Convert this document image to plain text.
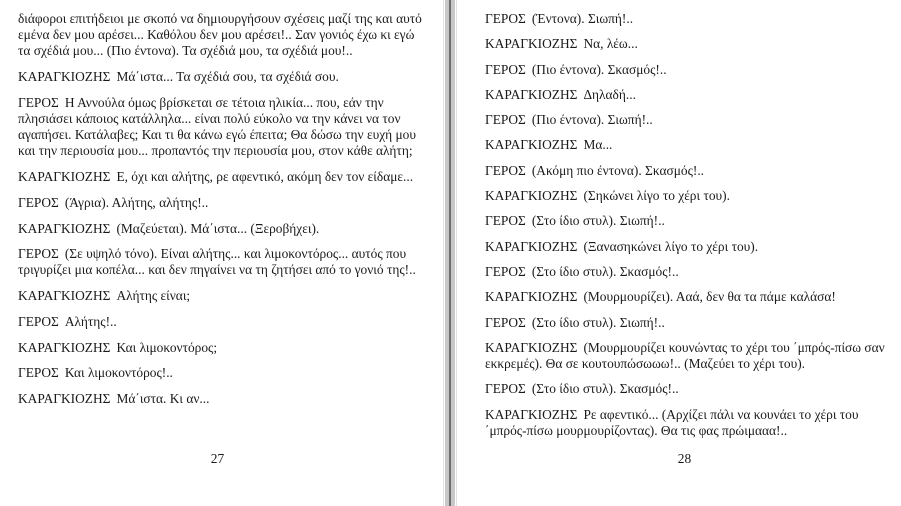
διάφοροι επιτήδειοι με σκοπό να δημιουργήσουν σχέσεις μαζί της και αυτό εμένα δεν μου αρέσει... Καθόλου δεν μου αρέσει!.. Σαν γονιός έχω κι εγώ τα σχέδιά μου... (Πιο έντονα). Τα σχέδιά μου, τα σχέδιά μου!..

ΚΑΡΑΓΚΙΟΖΗΣ Μά΄ιστα... Τα σχέδιά σου, τα σχέδιά σου.

ΓΕΡΟΣ Η Αννούλα όμως βρίσκεται σε τέτοια ηλικία... που, εάν την πλησιάσει κάποιος κατάλληλα... είναι πολύ εύκολο να την κάνει να τον αγαπήσει. Κατάλαβες; Και τι θα κάνω εγώ έπειτα; Θα δώσω την ευχή μου και την περιουσία μου... προπαντός την περιουσία μου, στον κάθε αλήτη;

ΚΑΡΑΓΚΙΟΖΗΣ Ε, όχι και αλήτης, ρε αφεντικό, ακόμη δεν τον είδαμε...

ΓΕΡΟΣ (Άγρια). Αλήτης, αλήτης!..

ΚΑΡΑΓΚΙΟΖΗΣ (Μαζεύεται). Μά΄ιστα... (Ξεροβήχει).

ΓΕΡΟΣ (Σε υψηλό τόνο). Είναι αλήτης... και λιμοκοντόρος... αυτός που τριγυρίζει μια κοπέλα... και δεν πηγαίνει να τη ζητήσει από το γονιό της!..

ΚΑΡΑΓΚΙΟΖΗΣ Αλήτης είναι;

ΓΕΡΟΣ Αλήτης!..

ΚΑΡΑΓΚΙΟΖΗΣ Και λιμοκοντόρος;

ΓΕΡΟΣ Και λιμοκοντόρος!..

ΚΑΡΑΓΚΙΟΖΗΣ Μά΄ιστα. Κι αν...

27

ΓΕΡΟΣ (Έντονα). Σιωπή!..

ΚΑΡΑΓΚΙΟΖΗΣ Να, λέω...

ΓΕΡΟΣ (Πιο έντονα). Σκασμός!..

ΚΑΡΑΓΚΙΟΖΗΣ Δηλαδή...

ΓΕΡΟΣ (Πιο έντονα). Σιωπή!..

ΚΑΡΑΓΚΙΟΖΗΣ Μα...

ΓΕΡΟΣ (Ακόμη πιο έντονα). Σκασμός!..

ΚΑΡΑΓΚΙΟΖΗΣ (Σηκώνει λίγο το χέρι του).

ΓΕΡΟΣ (Στο ίδιο στυλ). Σιωπή!..

ΚΑΡΑΓΚΙΟΖΗΣ (Ξανασηκώνει λίγο το χέρι του).

ΓΕΡΟΣ (Στο ίδιο στυλ). Σκασμός!..

ΚΑΡΑΓΚΙΟΖΗΣ (Μουρμουρίζει). Ααά, δεν θα τα πάμε καλάσα!

ΓΕΡΟΣ (Στο ίδιο στυλ). Σιωπή!..

ΚΑΡΑΓΚΙΟΖΗΣ (Μουρμουρίζει κουνώντας το χέρι του ΄μπρός-πίσω σαν εκκρεμές). Θα σε κουτουπώσωωω!.. (Μαζεύει το χέρι του).

ΓΕΡΟΣ (Στο ίδιο στυλ). Σκασμός!..

ΚΑΡΑΓΚΙΟΖΗΣ Ρε αφεντικό... (Αρχίζει πάλι να κουνάει το χέρι του ΄μπρός-πίσω μουρμουρίζοντας). Θα τις φας πρώιμααα!..

28
